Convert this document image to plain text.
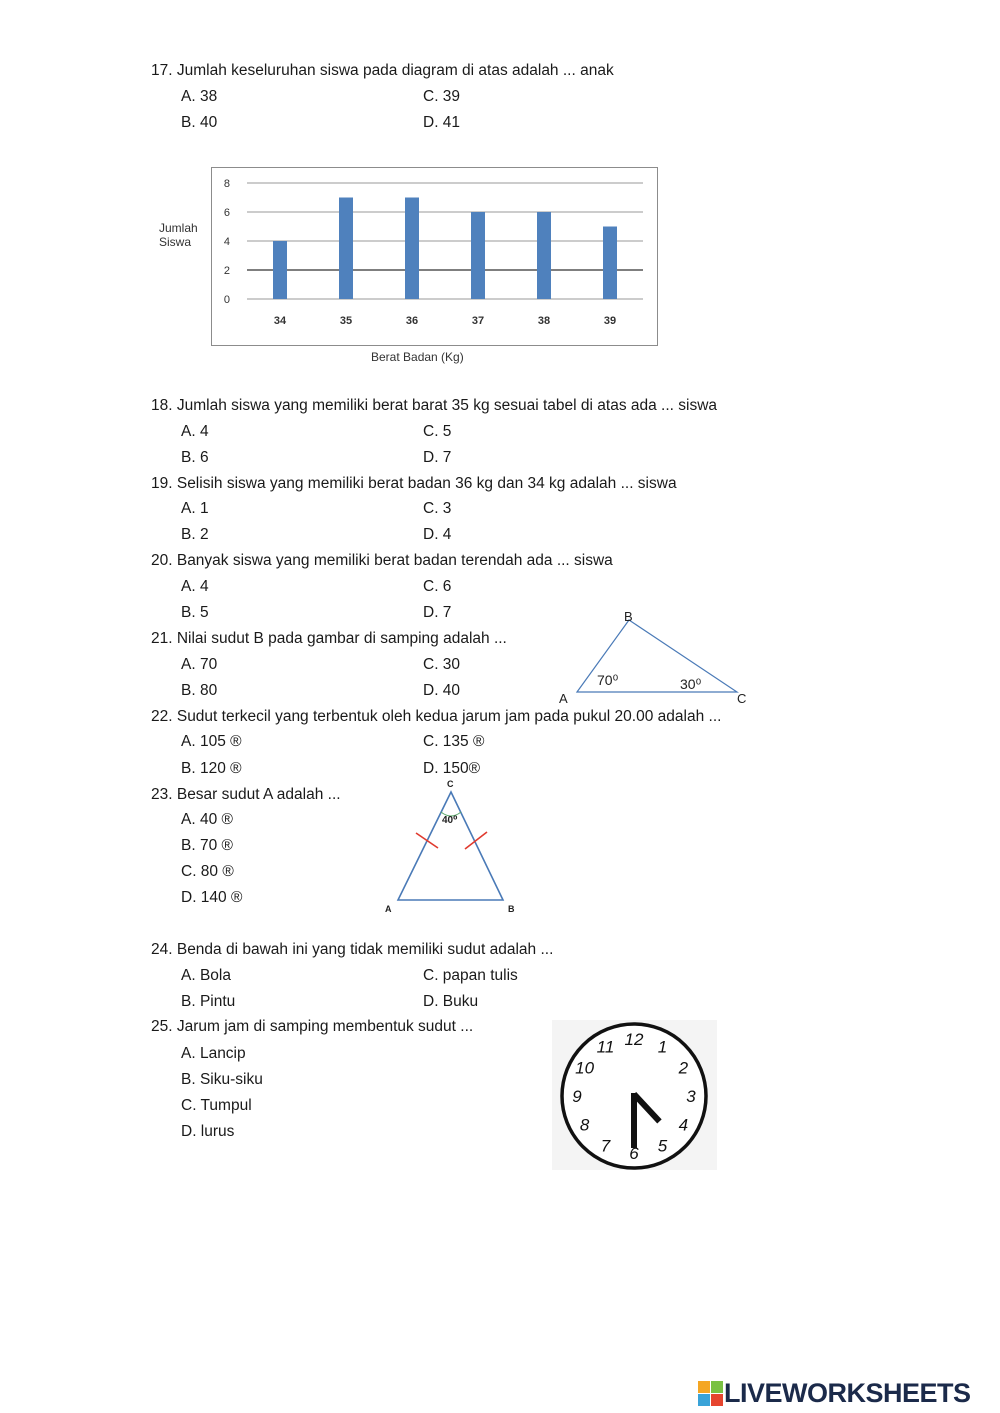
17. Jumlah keseluruhan siswa pada diagram di atas adalah ... anak
A. 38	C. 39
B. 40	D. 41
Jumlah
Siswa
0
2
4
6
8
34	35	36	37	38	39
Berat Badan (Kg)
18. Jumlah siswa yang memiliki berat barat 35 kg sesuai tabel di atas ada ... siswa
A. 4	C. 5
B. 6	D. 7
19. Selisih siswa yang memiliki berat badan 36 kg dan 34 kg adalah ... siswa
A. 1	C. 3
B. 2	D. 4
20. Banyak siswa yang memiliki berat badan terendah ada ... siswa
A. 4	C. 6
B. 5	D. 7
21. Nilai sudut B pada gambar di samping adalah ...
A. 70	C. 30
B. 80	D. 40
B
A	C
70⁰	30⁰
22. Sudut terkecil yang terbentuk oleh kedua jarum jam pada pukul 20.00 adalah ...
A. 105 ®	C. 135 ®
B. 120 ®	D. 150®
23. Besar sudut A adalah ...
A. 40 ®
B. 70 ®
C. 80 ®
D. 140 ®
C
A	B
40⁰
24. Benda di bawah ini yang tidak memiliki sudut adalah ...
A. Bola	C. papan tulis
B. Pintu	D. Buku
25. Jarum jam di samping membentuk sudut ...
A. Lancip
B. Siku-siku
C. Tumpul
D. lurus
12 1
2
3
4
5
6
7
8
9
10
11
LIVEWORKSHEETS
